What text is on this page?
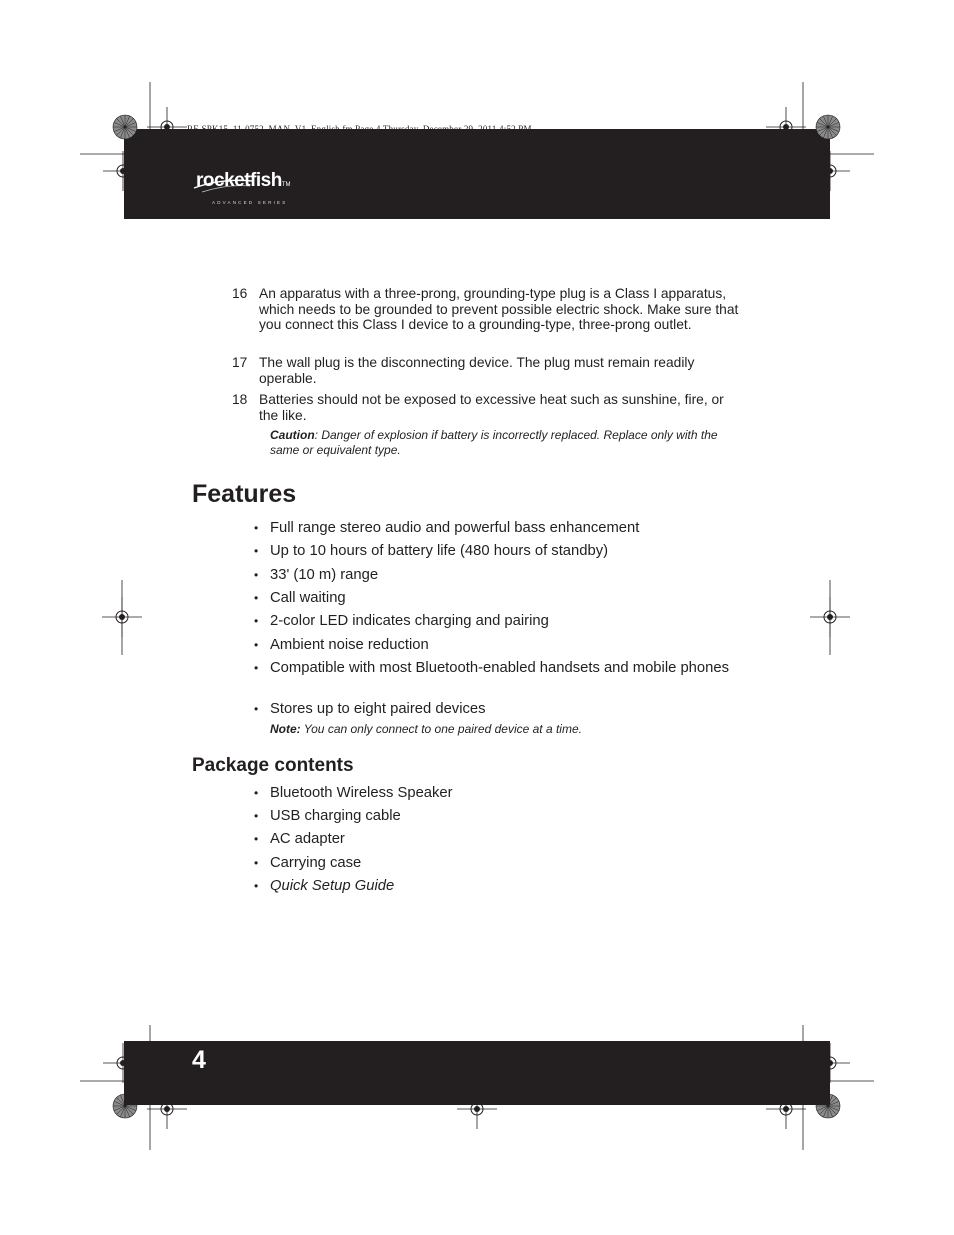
RF-SPK15_11-0752_MAN_V1_English.fm Page 4 Thursday, December 29, 2011 4:52 PM
rocketfishTM
ADVANCED SERIES
16 An apparatus with a three-prong, grounding-type plug is a Class I apparatus, which needs to be grounded to prevent possible electric shock. Make sure that you connect this Class I device to a grounding-type, three-prong outlet.
17 The wall plug is the disconnecting device. The plug must remain readily operable.
18 Batteries should not be exposed to excessive heat such as sunshine, fire, or the like.
Caution: Danger of explosion if battery is incorrectly replaced. Replace only with the same or equivalent type.
Features
• Full range stereo audio and powerful bass enhancement
• Up to 10 hours of battery life (480 hours of standby)
• 33' (10 m) range
• Call waiting
• 2-color LED indicates charging and pairing
• Ambient noise reduction
• Compatible with most Bluetooth-enabled handsets and mobile phones
• Stores up to eight paired devices
Note: You can only connect to one paired device at a time.
Package contents
• Bluetooth Wireless Speaker
• USB charging cable
• AC adapter
• Carrying case
• Quick Setup Guide
4
